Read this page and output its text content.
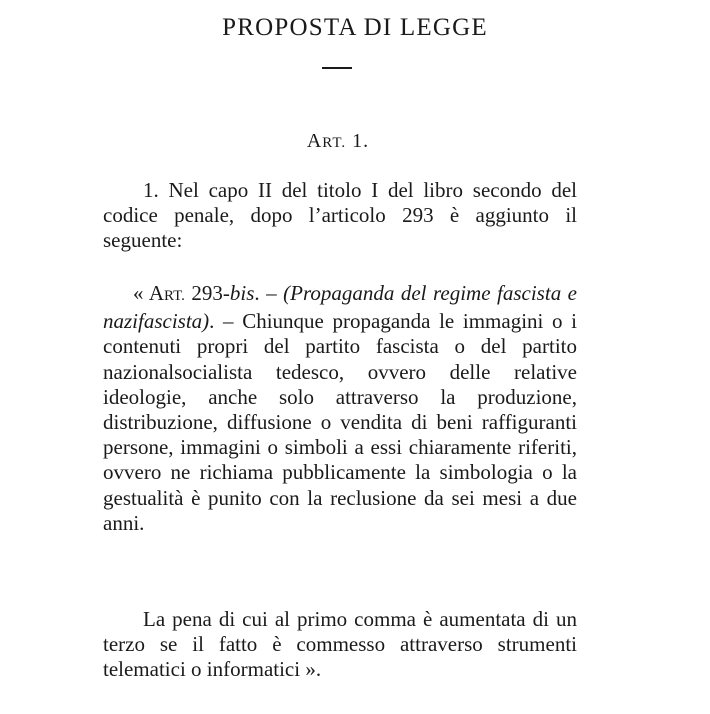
PROPOSTA DI LEGGE
ART. 1.

1. Nel capo II del titolo I del libro secondo del codice penale, dopo l’articolo 293 è aggiunto il seguente:

« ART. 293-bis. – (Propaganda del regime fascista e nazifascista). – Chiunque propaganda le immagini o i contenuti propri del partito fascista o del partito nazionalsocialista tedesco, ovvero delle relative ideologie, anche solo attraverso la produzione, distribuzione, diffusione o vendita di beni raffiguranti persone, immagini o simboli a essi chiaramente riferiti, ovvero ne richiama pubblicamente la simbologia o la gestualità è punito con la reclusione da sei mesi a due anni.

La pena di cui al primo comma è aumentata di un terzo se il fatto è commesso attraverso strumenti telematici o informatici ».
